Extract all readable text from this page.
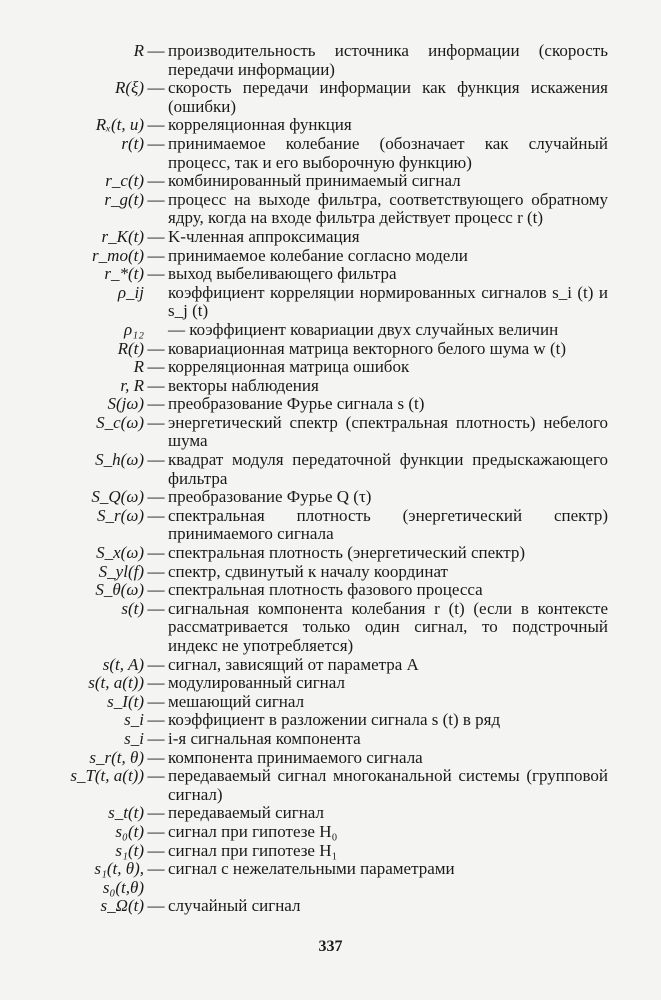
R — производительность источника информации (скорость передачи информации)
R(ξ) — скорость передачи информации как функция искажения (ошибки)
Rₓ(t, u) — корреляционная функция
r(t) — принимаемое колебание (обозначает как случайный процесс, так и его выборочную функцию)
r_c(t) — комбинированный принимаемый сигнал
r_g(t) — процесс на выходе фильтра, соответствующего обратному ядру, когда на входе фильтра действует процесс r (t)
r_K(t) — K-членная аппроксимация
r_mo(t) — принимаемое колебание согласно модели
r_*(t) — выход выбеливающего фильтра
ρ_ij коэффициент корреляции нормированных сигналов s_i (t) и s_j (t)
ρ₁₂ — коэффициент ковариации двух случайных величин
R(t) — ковариационная матрица векторного белого шума w (t)
R — корреляционная матрица ошибок
r, R — векторы наблюдения
S(jω) — преобразование Фурье сигнала s (t)
S_c(ω) — энергетический спектр (спектральная плотность) небелого шума
S_h(ω) — квадрат модуля передаточной функции предыскажающего фильтра
S_Q(ω) — преобразование Фурье Q (τ)
S_r(ω) — спектральная плотность (энергетический спектр) принимаемого сигнала
S_x(ω) — спектральная плотность (энергетический спектр)
S_yl(f) — спектр, сдвинутый к началу координат
S_θ(ω) — спектральная плотность фазового процесса
s(t) — сигнальная компонента колебания r (t) (если в контексте рассматривается только один сигнал, то подстрочный индекс не употребляется)
s(t, A) — сигнал, зависящий от параметра A
s(t, a(t)) — модулированный сигнал
s_I(t) — мешающий сигнал
s_i — коэффициент в разложении сигнала s (t) в ряд
s_i — i-я сигнальная компонента
s_r(t, θ) — компонента принимаемого сигнала
s_T(t, a(t)) — передаваемый сигнал многоканальной системы (групповой сигнал)
s_t(t) — передаваемый сигнал
s₀(t) — сигнал при гипотезе H₀
s₁(t) — сигнал при гипотезе H₁
s₁(t, θ), — сигнал с нежелательными параметрами
s₀(t,θ)
s_Ω(t) — случайный сигнал
337
